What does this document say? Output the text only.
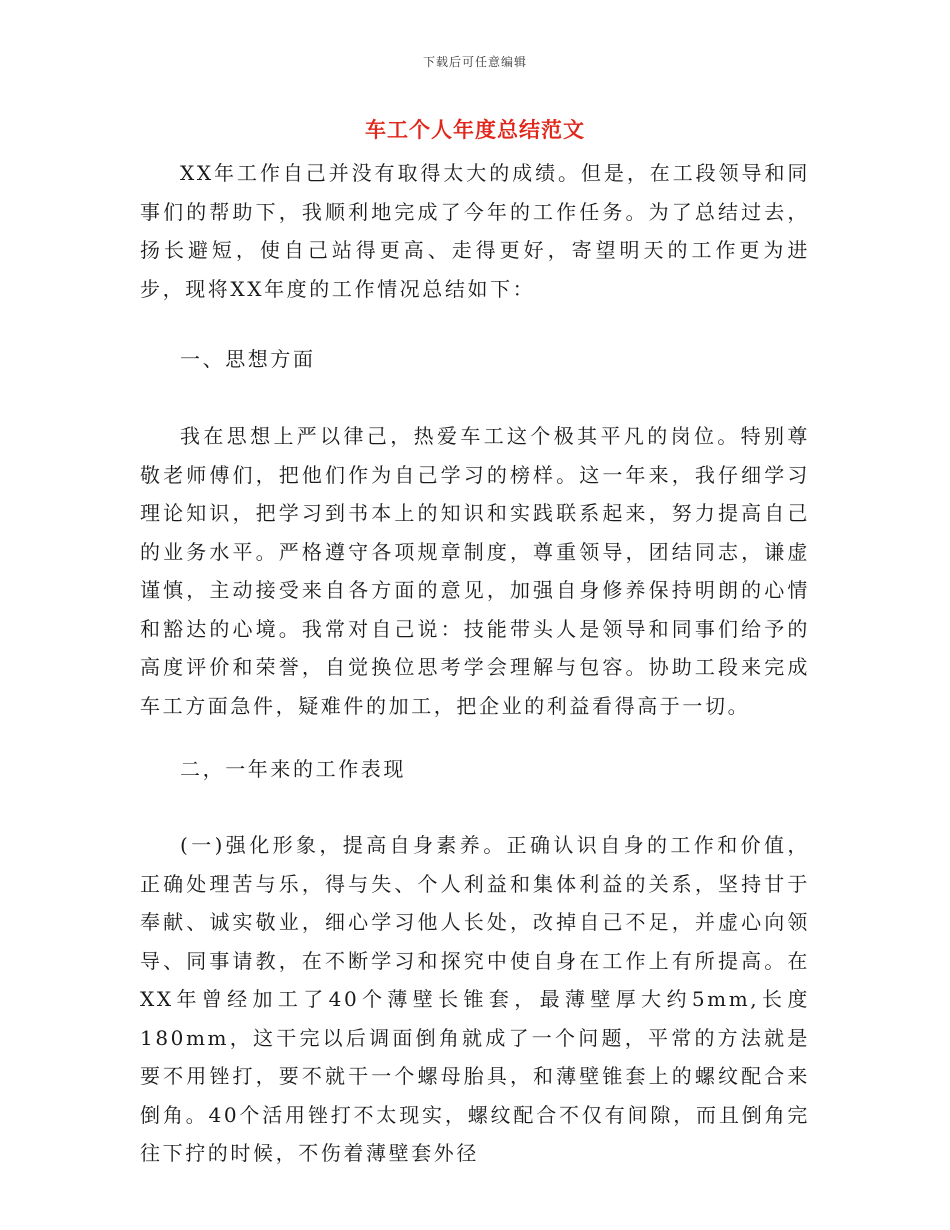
下载后可任意编辑
车工个人年度总结范文

XX年工作自己并没有取得太大的成绩。但是，在工段领导和同事们的帮助下，我顺利地完成了今年的工作任务。为了总结过去，扬长避短，使自己站得更高、走得更好，寄望明天的工作更为进步，现将XX年度的工作情况总结如下：

一、思想方面

我在思想上严以律己，热爱车工这个极其平凡的岗位。特别尊敬老师傅们，把他们作为自己学习的榜样。这一年来，我仔细学习理论知识，把学习到书本上的知识和实践联系起来，努力提高自己的业务水平。严格遵守各项规章制度，尊重领导，团结同志，谦虚谨慎，主动接受来自各方面的意见，加强自身修养保持明朗的心情和豁达的心境。我常对自己说：技能带头人是领导和同事们给予的高度评价和荣誉，自觉换位思考学会理解与包容。协助工段来完成车工方面急件，疑难件的加工，把企业的利益看得高于一切。

二，一年来的工作表现

(一)强化形象，提高自身素养。正确认识自身的工作和价值，正确处理苦与乐，得与失、个人利益和集体利益的关系，坚持甘于奉献、诚实敬业，细心学习他人长处，改掉自己不足，并虚心向领导、同事请教，在不断学习和探究中使自身在工作上有所提高。在XX年曾经加工了40个薄壁长锥套，最薄壁厚大约5mm,长度180mm，这干完以后调面倒角就成了一个问题，平常的方法就是要不用锉打，要不就干一个螺母胎具，和薄壁锥套上的螺纹配合来倒角。40个活用锉打不太现实，螺纹配合不仅有间隙，而且倒角完往下拧的时候，不伤着薄壁套外径
